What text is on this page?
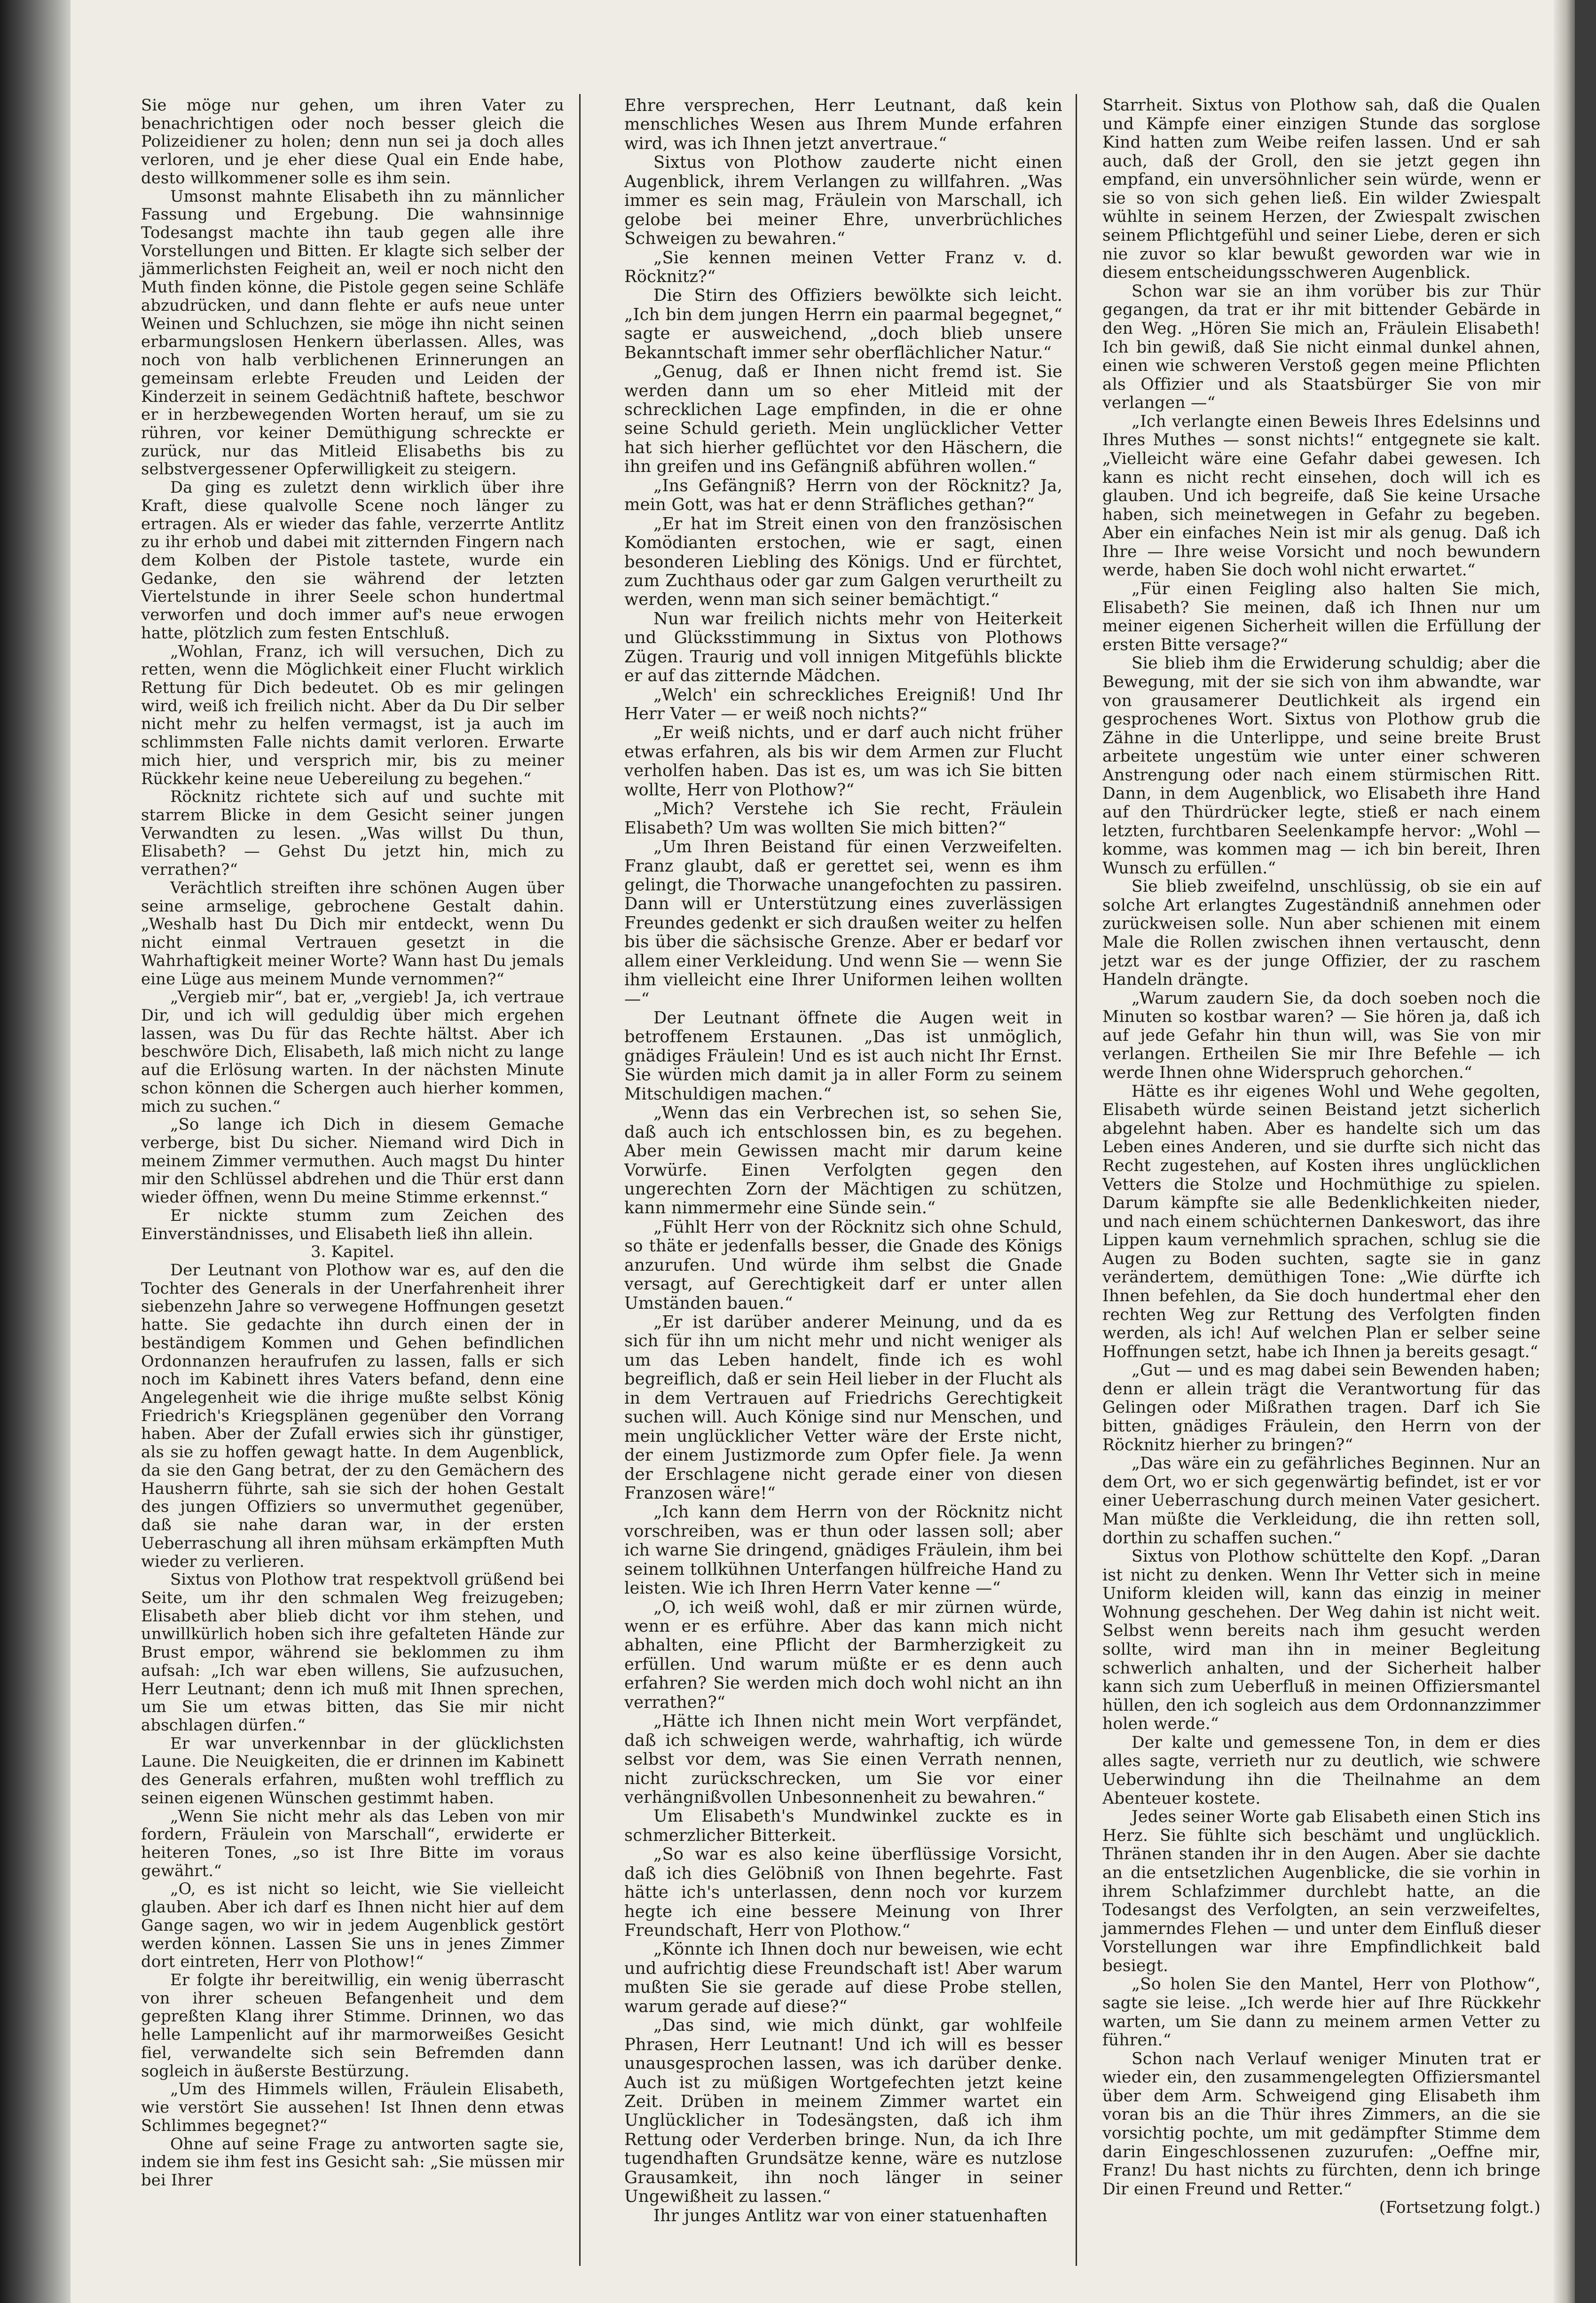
Sie möge nur gehen, um ihren Vater zu benachrichtigen oder noch besser gleich die Polizeidiener zu holen; denn nun sei ja doch alles verloren, und je eher diese Qual ein Ende habe, desto willkommener solle es ihm sein.

Umsonst mahnte Elisabeth ihn zu männlicher Fassung und Ergebung. Die wahnsinnige Todesangst machte ihn taub gegen alle ihre Vorstellungen und Bitten. Er klagte sich selber der jämmerlichsten Feigheit an, weil er noch nicht den Muth finden könne, die Pistole gegen seine Schläfe abzudrücken, und dann flehte er aufs neue unter Weinen und Schluchzen, sie möge ihn nicht seinen erbarmungslosen Henkern überlassen. Alles, was noch von halb verblichenen Erinnerungen an gemeinsam erlebte Freuden und Leiden der Kinderzeit in seinem Gedächtniß haftete, beschwor er in herzbewegenden Worten herauf, um sie zu rühren, vor keiner Demüthigung schreckte er zurück, nur das Mitleid Elisabeths bis zu selbstvergessener Opferwilligkeit zu steigern.

Da ging es zuletzt denn wirklich über ihre Kraft, diese qualvolle Scene noch länger zu ertragen. Als er wieder das fahle, verzerrte Antlitz zu ihr erhob und dabei mit zitternden Fingern nach dem Kolben der Pistole tastete, wurde ein Gedanke, den sie während der letzten Viertelstunde in ihrer Seele schon hundertmal verworfen und doch immer auf's neue erwogen hatte, plötzlich zum festen Entschluß.

„Wohlan, Franz, ich will versuchen, Dich zu retten, wenn die Möglichkeit einer Flucht wirklich Rettung für Dich bedeutet. Ob es mir gelingen wird, weiß ich freilich nicht. Aber da Du Dir selber nicht mehr zu helfen vermagst, ist ja auch im schlimmsten Falle nichts damit verloren. Erwarte mich hier, und versprich mir, bis zu meiner Rückkehr keine neue Uebereilung zu begehen.“

Röcknitz richtete sich auf und suchte mit starrem Blicke in dem Gesicht seiner jungen Verwandten zu lesen. „Was willst Du thun, Elisabeth? — Gehst Du jetzt hin, mich zu verrathen?“

Verächtlich streiften ihre schönen Augen über seine armselige, gebrochene Gestalt dahin. „Weshalb hast Du Dich mir entdeckt, wenn Du nicht einmal Vertrauen gesetzt in die Wahrhaftigkeit meiner Worte? Wann hast Du jemals eine Lüge aus meinem Munde vernommen?“

„Vergieb mir“, bat er, „vergieb! Ja, ich vertraue Dir, und ich will geduldig über mich ergehen lassen, was Du für das Rechte hältst. Aber ich beschwöre Dich, Elisabeth, laß mich nicht zu lange auf die Erlösung warten. In der nächsten Minute schon können die Schergen auch hierher kommen, mich zu suchen.“

„So lange ich Dich in diesem Gemache verberge, bist Du sicher. Niemand wird Dich in meinem Zimmer vermuthen. Auch magst Du hinter mir den Schlüssel abdrehen und die Thür erst dann wieder öffnen, wenn Du meine Stimme erkennst.“

Er nickte stumm zum Zeichen des Einverständnisses, und Elisabeth ließ ihn allein.

3. Kapitel.

Der Leutnant von Plothow war es, auf den die Tochter des Generals in der Unerfahrenheit ihrer siebenzehn Jahre so verwegene Hoffnungen gesetzt hatte. Sie gedachte ihn durch einen der in beständigem Kommen und Gehen befindlichen Ordonnanzen heraufrufen zu lassen, falls er sich noch im Kabinett ihres Vaters befand, denn eine Angelegenheit wie die ihrige mußte selbst König Friedrich's Kriegsplänen gegenüber den Vorrang haben. Aber der Zufall erwies sich ihr günstiger, als sie zu hoffen gewagt hatte. In dem Augenblick, da sie den Gang betrat, der zu den Gemächern des Hausherrn führte, sah sie sich der hohen Gestalt des jungen Offiziers so unvermuthet gegenüber, daß sie nahe daran war, in der ersten Ueberraschung all ihren mühsam erkämpften Muth wieder zu verlieren.

Sixtus von Plothow trat respektvoll grüßend bei Seite, um ihr den schmalen Weg freizugeben; Elisabeth aber blieb dicht vor ihm stehen, und unwillkürlich hoben sich ihre gefalteten Hände zur Brust empor, während sie beklommen zu ihm aufsah: „Ich war eben willens, Sie aufzusuchen, Herr Leutnant; denn ich muß mit Ihnen sprechen, um Sie um etwas bitten, das Sie mir nicht abschlagen dürfen.“

Er war unverkennbar in der glücklichsten Laune. Die Neuigkeiten, die er drinnen im Kabinett des Generals erfahren, mußten wohl trefflich zu seinen eigenen Wünschen gestimmt haben.

„Wenn Sie nicht mehr als das Leben von mir fordern, Fräulein von Marschall“, erwiderte er heiteren Tones, „so ist Ihre Bitte im voraus gewährt.“

„O, es ist nicht so leicht, wie Sie vielleicht glauben. Aber ich darf es Ihnen nicht hier auf dem Gange sagen, wo wir in jedem Augenblick gestört werden können. Lassen Sie uns in jenes Zimmer dort eintreten, Herr von Plothow!“

Er folgte ihr bereitwillig, ein wenig überrascht von ihrer scheuen Befangenheit und dem gepreßten Klang ihrer Stimme. Drinnen, wo das helle Lampenlicht auf ihr marmorweißes Gesicht fiel, verwandelte sich sein Befremden dann sogleich in äußerste Bestürzung.

„Um des Himmels willen, Fräulein Elisabeth, wie verstört Sie aussehen! Ist Ihnen denn etwas Schlimmes begegnet?“

Ohne auf seine Frage zu antworten sagte sie, indem sie ihm fest ins Gesicht sah: „Sie müssen mir bei Ihrer

Ehre versprechen, Herr Leutnant, daß kein menschliches Wesen aus Ihrem Munde erfahren wird, was ich Ihnen jetzt anvertraue.“

Sixtus von Plothow zauderte nicht einen Augenblick, ihrem Verlangen zu willfahren. „Was immer es sein mag, Fräulein von Marschall, ich gelobe bei meiner Ehre, unverbrüchliches Schweigen zu bewahren.“

„Sie kennen meinen Vetter Franz v. d. Röcknitz?“

Die Stirn des Offiziers bewölkte sich leicht. „Ich bin dem jungen Herrn ein paarmal begegnet,“ sagte er ausweichend, „doch blieb unsere Bekanntschaft immer sehr oberflächlicher Natur.“

„Genug, daß er Ihnen nicht fremd ist. Sie werden dann um so eher Mitleid mit der schrecklichen Lage empfinden, in die er ohne seine Schuld gerieth. Mein unglücklicher Vetter hat sich hierher geflüchtet vor den Häschern, die ihn greifen und ins Gefängniß abführen wollen.“

„Ins Gefängniß? Herrn von der Röcknitz? Ja, mein Gott, was hat er denn Sträfliches gethan?“

„Er hat im Streit einen von den französischen Komödianten erstochen, wie er sagt, einen besonderen Liebling des Königs. Und er fürchtet, zum Zuchthaus oder gar zum Galgen verurtheilt zu werden, wenn man sich seiner bemächtigt.“

Nun war freilich nichts mehr von Heiterkeit und Glücksstimmung in Sixtus von Plothows Zügen. Traurig und voll innigen Mitgefühls blickte er auf das zitternde Mädchen.

„Welch' ein schreckliches Ereigniß! Und Ihr Herr Vater — er weiß noch nichts?“

„Er weiß nichts, und er darf auch nicht früher etwas erfahren, als bis wir dem Armen zur Flucht verholfen haben. Das ist es, um was ich Sie bitten wollte, Herr von Plothow?“

„Mich? Verstehe ich Sie recht, Fräulein Elisabeth? Um was wollten Sie mich bitten?“

„Um Ihren Beistand für einen Verzweifelten. Franz glaubt, daß er gerettet sei, wenn es ihm gelingt, die Thorwache unangefochten zu passiren. Dann will er Unterstützung eines zuverlässigen Freundes gedenkt er sich draußen weiter zu helfen bis über die sächsische Grenze. Aber er bedarf vor allem einer Verkleidung. Und wenn Sie — wenn Sie ihm vielleicht eine Ihrer Uniformen leihen wollten —“

Der Leutnant öffnete die Augen weit in betroffenem Erstaunen. „Das ist unmöglich, gnädiges Fräulein! Und es ist auch nicht Ihr Ernst. Sie würden mich damit ja in aller Form zu seinem Mitschuldigen machen.“

„Wenn das ein Verbrechen ist, so sehen Sie, daß auch ich entschlossen bin, es zu begehen. Aber mein Gewissen macht mir darum keine Vorwürfe. Einen Verfolgten gegen den ungerechten Zorn der Mächtigen zu schützen, kann nimmermehr eine Sünde sein.“

„Fühlt Herr von der Röcknitz sich ohne Schuld, so thäte er jedenfalls besser, die Gnade des Königs anzurufen. Und würde ihm selbst die Gnade versagt, auf Gerechtigkeit darf er unter allen Umständen bauen.“

„Er ist darüber anderer Meinung, und da es sich für ihn um nicht mehr und nicht weniger als um das Leben handelt, finde ich es wohl begreiflich, daß er sein Heil lieber in der Flucht als in dem Vertrauen auf Friedrichs Gerechtigkeit suchen will. Auch Könige sind nur Menschen, und mein unglücklicher Vetter wäre der Erste nicht, der einem Justizmorde zum Opfer fiele. Ja wenn der Erschlagene nicht gerade einer von diesen Franzosen wäre!“

„Ich kann dem Herrn von der Röcknitz nicht vorschreiben, was er thun oder lassen soll; aber ich warne Sie dringend, gnädiges Fräulein, ihm bei seinem tollkühnen Unterfangen hülfreiche Hand zu leisten. Wie ich Ihren Herrn Vater kenne —“

„O, ich weiß wohl, daß er mir zürnen würde, wenn er es erführe. Aber das kann mich nicht abhalten, eine Pflicht der Barmherzigkeit zu erfüllen. Und warum müßte er es denn auch erfahren? Sie werden mich doch wohl nicht an ihn verrathen?“

„Hätte ich Ihnen nicht mein Wort verpfändet, daß ich schweigen werde, wahrhaftig, ich würde selbst vor dem, was Sie einen Verrath nennen, nicht zurückschrecken, um Sie vor einer verhängnißvollen Unbesonnenheit zu bewahren.“

Um Elisabeth's Mundwinkel zuckte es in schmerzlicher Bitterkeit.

„So war es also keine überflüssige Vorsicht, daß ich dies Gelöbniß von Ihnen begehrte. Fast hätte ich's unterlassen, denn noch vor kurzem hegte ich eine bessere Meinung von Ihrer Freundschaft, Herr von Plothow.“

„Könnte ich Ihnen doch nur beweisen, wie echt und aufrichtig diese Freundschaft ist! Aber warum mußten Sie sie gerade auf diese Probe stellen, warum gerade auf diese?“

„Das sind, wie mich dünkt, gar wohlfeile Phrasen, Herr Leutnant! Und ich will es besser unausgesprochen lassen, was ich darüber denke. Auch ist zu müßigen Wortgefechten jetzt keine Zeit. Drüben in meinem Zimmer wartet ein Unglücklicher in Todesängsten, daß ich ihm Rettung oder Verderben bringe. Nun, da ich Ihre tugendhaften Grundsätze kenne, wäre es nutzlose Grausamkeit, ihn noch länger in seiner Ungewißheit zu lassen.“

Ihr junges Antlitz war von einer statuenhaften

Starrheit. Sixtus von Plothow sah, daß die Qualen und Kämpfe einer einzigen Stunde das sorglose Kind hatten zum Weibe reifen lassen. Und er sah auch, daß der Groll, den sie jetzt gegen ihn empfand, ein unversöhnlicher sein würde, wenn er sie so von sich gehen ließ. Ein wilder Zwiespalt wühlte in seinem Herzen, der Zwiespalt zwischen seinem Pflichtgefühl und seiner Liebe, deren er sich nie zuvor so klar bewußt geworden war wie in diesem entscheidungsschweren Augenblick.

Schon war sie an ihm vorüber bis zur Thür gegangen, da trat er ihr mit bittender Gebärde in den Weg. „Hören Sie mich an, Fräulein Elisabeth! Ich bin gewiß, daß Sie nicht einmal dunkel ahnen, einen wie schweren Verstoß gegen meine Pflichten als Offizier und als Staatsbürger Sie von mir verlangen —“

„Ich verlangte einen Beweis Ihres Edelsinns und Ihres Muthes — sonst nichts!“ entgegnete sie kalt. „Vielleicht wäre eine Gefahr dabei gewesen. Ich kann es nicht recht einsehen, doch will ich es glauben. Und ich begreife, daß Sie keine Ursache haben, sich meinetwegen in Gefahr zu begeben. Aber ein einfaches Nein ist mir als genug. Daß ich Ihre — Ihre weise Vorsicht und noch bewundern werde, haben Sie doch wohl nicht erwartet.“

„Für einen Feigling also halten Sie mich, Elisabeth? Sie meinen, daß ich Ihnen nur um meiner eigenen Sicherheit willen die Erfüllung der ersten Bitte versage?“

Sie blieb ihm die Erwiderung schuldig; aber die Bewegung, mit der sie sich von ihm abwandte, war von grausamerer Deutlichkeit als irgend ein gesprochenes Wort. Sixtus von Plothow grub die Zähne in die Unterlippe, und seine breite Brust arbeitete ungestüm wie unter einer schweren Anstrengung oder nach einem stürmischen Ritt. Dann, in dem Augenblick, wo Elisabeth ihre Hand auf den Thürdrücker legte, stieß er nach einem letzten, furchtbaren Seelenkampfe hervor: „Wohl — komme, was kommen mag — ich bin bereit, Ihren Wunsch zu erfüllen.“

Sie blieb zweifelnd, unschlüssig, ob sie ein auf solche Art erlangtes Zugeständniß annehmen oder zurückweisen solle. Nun aber schienen mit einem Male die Rollen zwischen ihnen vertauscht, denn jetzt war es der junge Offizier, der zu raschem Handeln drängte.

„Warum zaudern Sie, da doch soeben noch die Minuten so kostbar waren? — Sie hören ja, daß ich auf jede Gefahr hin thun will, was Sie von mir verlangen. Ertheilen Sie mir Ihre Befehle — ich werde Ihnen ohne Widerspruch gehorchen.“

Hätte es ihr eigenes Wohl und Wehe gegolten, Elisabeth würde seinen Beistand jetzt sicherlich abgelehnt haben. Aber es handelte sich um das Leben eines Anderen, und sie durfte sich nicht das Recht zugestehen, auf Kosten ihres unglücklichen Vetters die Stolze und Hochmüthige zu spielen. Darum kämpfte sie alle Bedenklichkeiten nieder, und nach einem schüchternen Dankeswort, das ihre Lippen kaum vernehmlich sprachen, schlug sie die Augen zu Boden suchten, sagte sie in ganz verändertem, demüthigen Tone: „Wie dürfte ich Ihnen befehlen, da Sie doch hundertmal eher den rechten Weg zur Rettung des Verfolgten finden werden, als ich! Auf welchen Plan er selber seine Hoffnungen setzt, habe ich Ihnen ja bereits gesagt.“

„Gut — und es mag dabei sein Bewenden haben; denn er allein trägt die Verantwortung für das Gelingen oder Mißrathen tragen. Darf ich Sie bitten, gnädiges Fräulein, den Herrn von der Röcknitz hierher zu bringen?“

„Das wäre ein zu gefährliches Beginnen. Nur an dem Ort, wo er sich gegenwärtig befindet, ist er vor einer Ueberraschung durch meinen Vater gesichert. Man müßte die Verkleidung, die ihn retten soll, dorthin zu schaffen suchen.“

Sixtus von Plothow schüttelte den Kopf. „Daran ist nicht zu denken. Wenn Ihr Vetter sich in meine Uniform kleiden will, kann das einzig in meiner Wohnung geschehen. Der Weg dahin ist nicht weit. Selbst wenn bereits nach ihm gesucht werden sollte, wird man ihn in meiner Begleitung schwerlich anhalten, und der Sicherheit halber kann sich zum Ueberfluß in meinen Offiziersmantel hüllen, den ich sogleich aus dem Ordonnanzzimmer holen werde.“

Der kalte und gemessene Ton, in dem er dies alles sagte, verrieth nur zu deutlich, wie schwere Ueberwindung ihn die Theilnahme an dem Abenteuer kostete.

Jedes seiner Worte gab Elisabeth einen Stich ins Herz. Sie fühlte sich beschämt und unglücklich. Thränen standen ihr in den Augen. Aber sie dachte an die entsetzlichen Augenblicke, die sie vorhin in ihrem Schlafzimmer durchlebt hatte, an die Todesangst des Verfolgten, an sein verzweifeltes, jammerndes Flehen — und unter dem Einfluß dieser Vorstellungen war ihre Empfindlichkeit bald besiegt.

„So holen Sie den Mantel, Herr von Plothow“, sagte sie leise. „Ich werde hier auf Ihre Rückkehr warten, um Sie dann zu meinem armen Vetter zu führen.“

Schon nach Verlauf weniger Minuten trat er wieder ein, den zusammengelegten Offiziersmantel über dem Arm. Schweigend ging Elisabeth ihm voran bis an die Thür ihres Zimmers, an die sie vorsichtig pochte, um mit gedämpfter Stimme dem darin Eingeschlossenen zuzurufen: „Oeffne mir, Franz! Du hast nichts zu fürchten, denn ich bringe Dir einen Freund und Retter.“

(Fortsetzung folgt.)
